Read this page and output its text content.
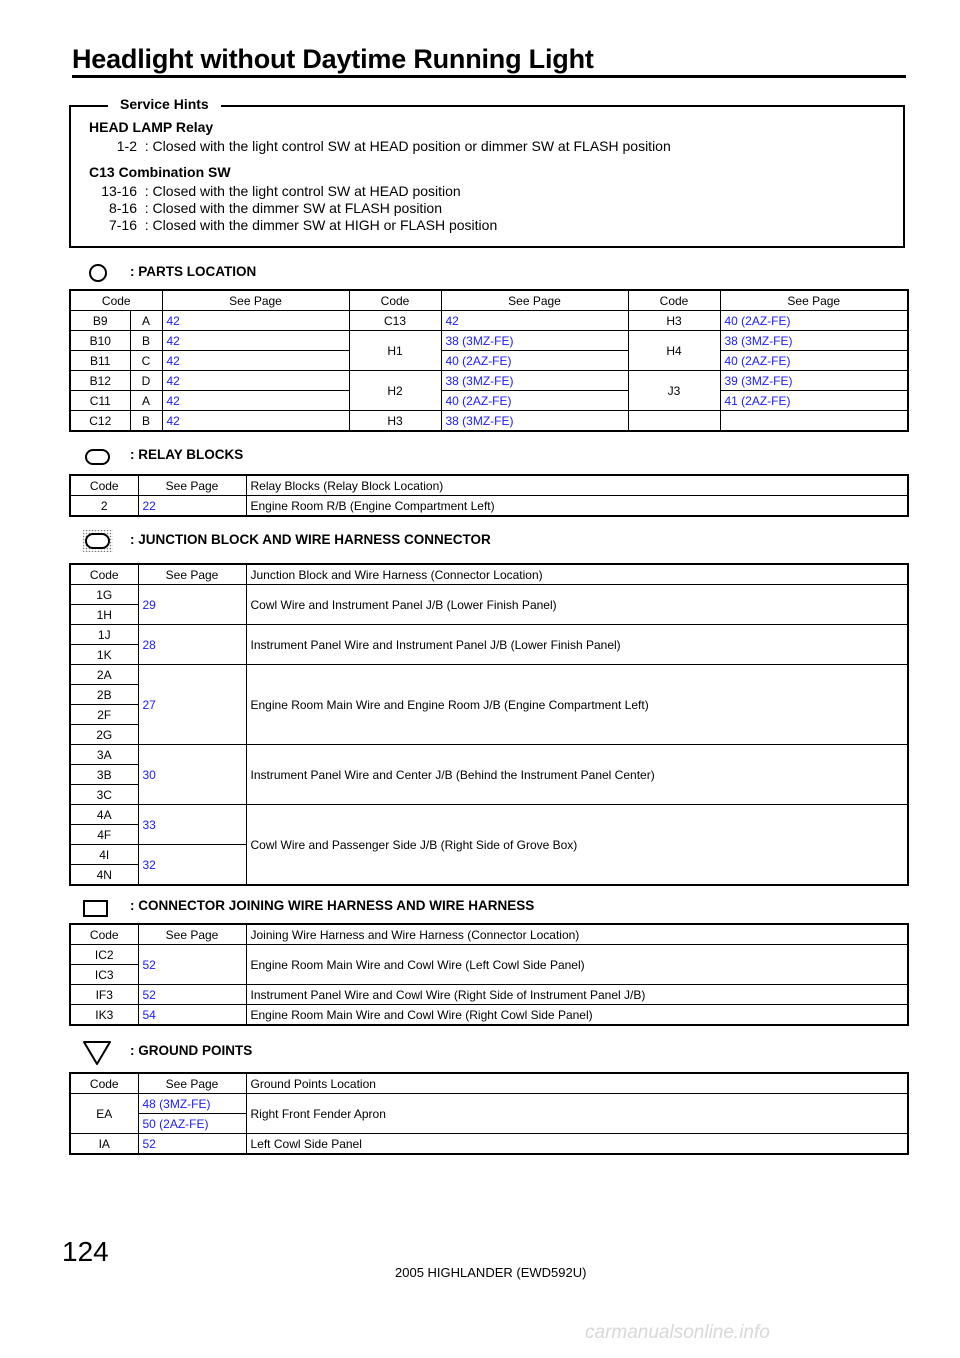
Headlight without Daytime Running Light
Service Hints
HEAD LAMP Relay
1-2 : Closed with the light control SW at HEAD position or dimmer SW at FLASH position
C13 Combination SW
13-16 : Closed with the light control SW at HEAD position
8-16 : Closed with the dimmer SW at FLASH position
7-16 : Closed with the dimmer SW at HIGH or FLASH position
: PARTS LOCATION
Code		See Page	Code	See Page	Code	See Page
B9	A	42	C13	42	H3	40 (2AZ-FE)
B10	B	42	H1	38 (3MZ-FE)	H4	38 (3MZ-FE)
B11	C	42		40 (2AZ-FE)		40 (2AZ-FE)
B12	D	42	H2	38 (3MZ-FE)	J3	39 (3MZ-FE)
C11	A	42		40 (2AZ-FE)		41 (2AZ-FE)
C12	B	42	H3	38 (3MZ-FE)		
: RELAY BLOCKS
Code	See Page	Relay Blocks (Relay Block Location)
2	22	Engine Room R/B (Engine Compartment Left)
: JUNCTION BLOCK AND WIRE HARNESS CONNECTOR
Code	See Page	Junction Block and Wire Harness (Connector Location)
1G	29	Cowl Wire and Instrument Panel J/B (Lower Finish Panel)
1H		
1J	28	Instrument Panel Wire and Instrument Panel J/B (Lower Finish Panel)
1K		
2A	27	Engine Room Main Wire and Engine Room J/B (Engine Compartment Left)
2B		
2F		
2G		
3A	30	Instrument Panel Wire and Center J/B (Behind the Instrument Panel Center)
3B		
3C		
4A	33	Cowl Wire and Passenger Side J/B (Right Side of Grove Box)
4F		
4I	32	
4N		
: CONNECTOR JOINING WIRE HARNESS AND WIRE HARNESS
Code	See Page	Joining Wire Harness and Wire Harness (Connector Location)
IC2	52	Engine Room Main Wire and Cowl Wire (Left Cowl Side Panel)
IC3		
IF3	52	Instrument Panel Wire and Cowl Wire (Right Side of Instrument Panel J/B)
IK3	54	Engine Room Main Wire and Cowl Wire (Right Cowl Side Panel)
: GROUND POINTS
Code	See Page	Ground Points Location
EA	48 (3MZ-FE)	Right Front Fender Apron
	50 (2AZ-FE)	
IA	52	Left Cowl Side Panel
124
2005 HIGHLANDER (EWD592U)
carmanualsonline.info
